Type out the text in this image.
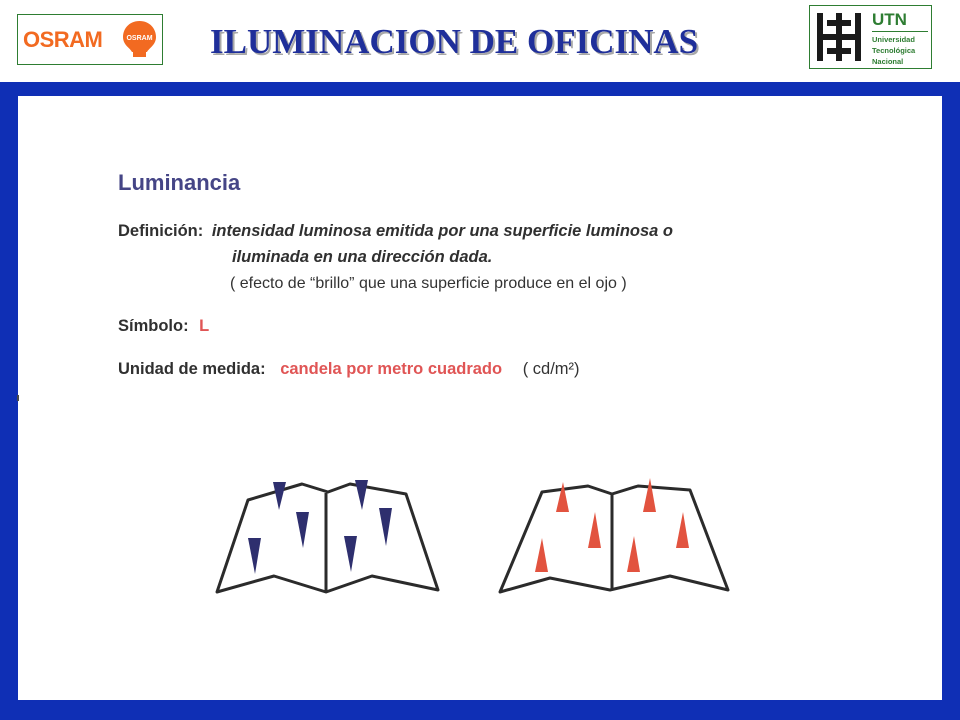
OSRAM	OSRAM ILUMINACION DE OFICINAS
UTN
Universidad
Tecnológica
Nacional
Luminancia
Definición: intensidad luminosa emitida por una superficie luminosa o
iluminada en una dirección dada.
( efecto de “brillo” que una superficie produce en el ojo )
Símbolo: L
Unidad de medida: candela por metro cuadrado ( cd/m²)
